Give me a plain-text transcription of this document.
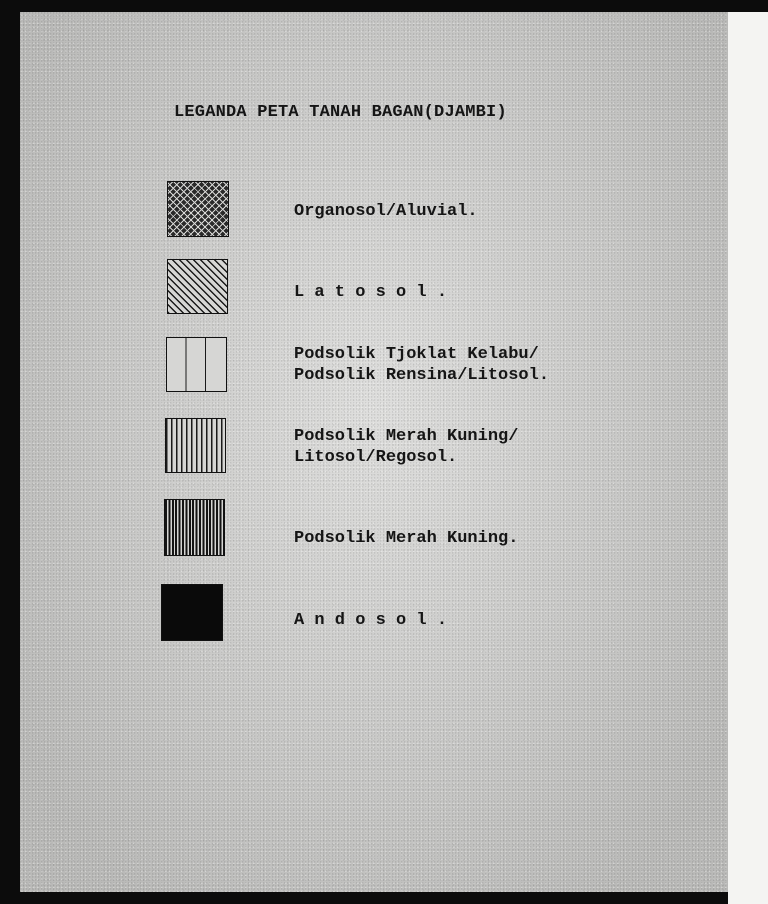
LEGANDA PETA TANAH BAGAN(DJAMBI)
Organosol/Aluvial.
L a t o s o l .
Podsolik Tjoklat Kelabu/
Podsolik Rensina/Litosol.
Podsolik Merah Kuning/
Litosol/Regosol.
Podsolik Merah Kuning.
A n d o s o l .
